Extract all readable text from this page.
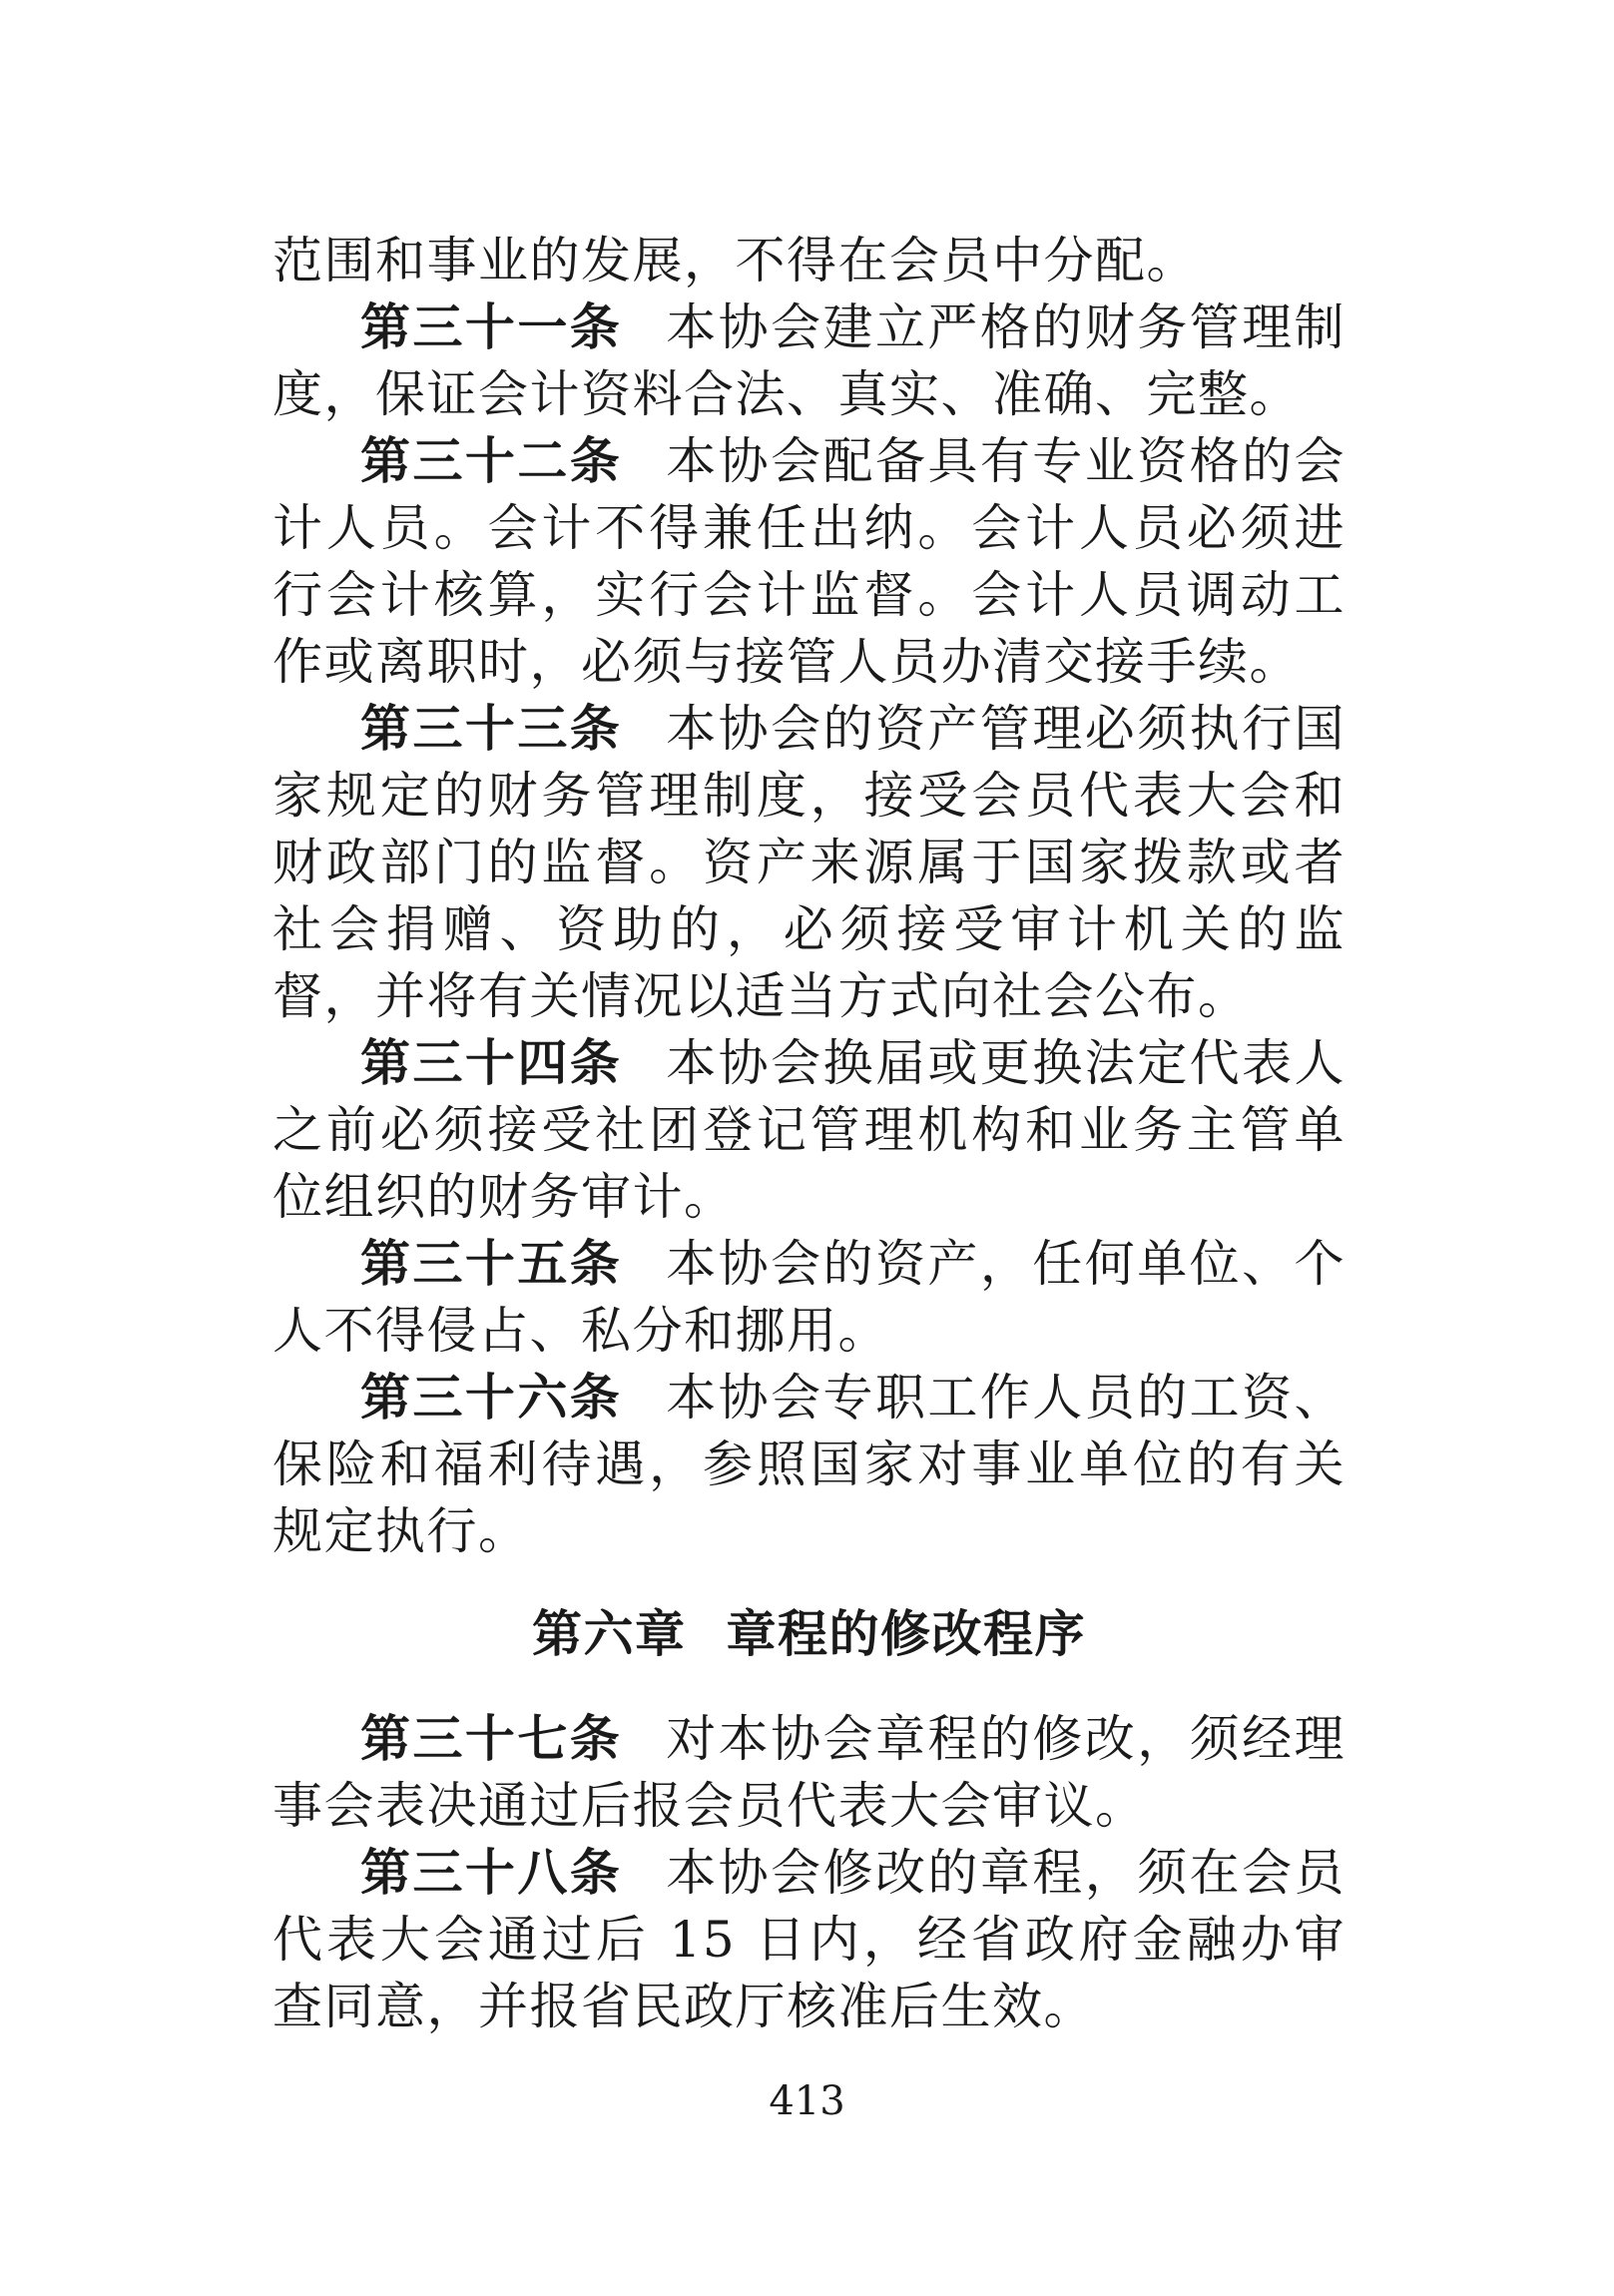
范围和事业的发展，不得在会员中分配。

第三十一条 本协会建立严格的财务管理制度，保证会计资料合法、真实、准确、完整。

第三十二条 本协会配备具有专业资格的会计人员。会计不得兼任出纳。会计人员必须进行会计核算，实行会计监督。会计人员调动工作或离职时，必须与接管人员办清交接手续。

第三十三条 本协会的资产管理必须执行国家规定的财务管理制度，接受会员代表大会和财政部门的监督。资产来源属于国家拨款或者社会捐赠、资助的，必须接受审计机关的监督，并将有关情况以适当方式向社会公布。

第三十四条 本协会换届或更换法定代表人之前必须接受社团登记管理机构和业务主管单位组织的财务审计。

第三十五条 本协会的资产，任何单位、个人不得侵占、私分和挪用。

第三十六条 本协会专职工作人员的工资、保险和福利待遇，参照国家对事业单位的有关规定执行。

第六章 章程的修改程序

第三十七条 对本协会章程的修改，须经理事会表决通过后报会员代表大会审议。

第三十八条 本协会修改的章程，须在会员代表大会通过后 15 日内，经省政府金融办审查同意，并报省民政厅核准后生效。

413
